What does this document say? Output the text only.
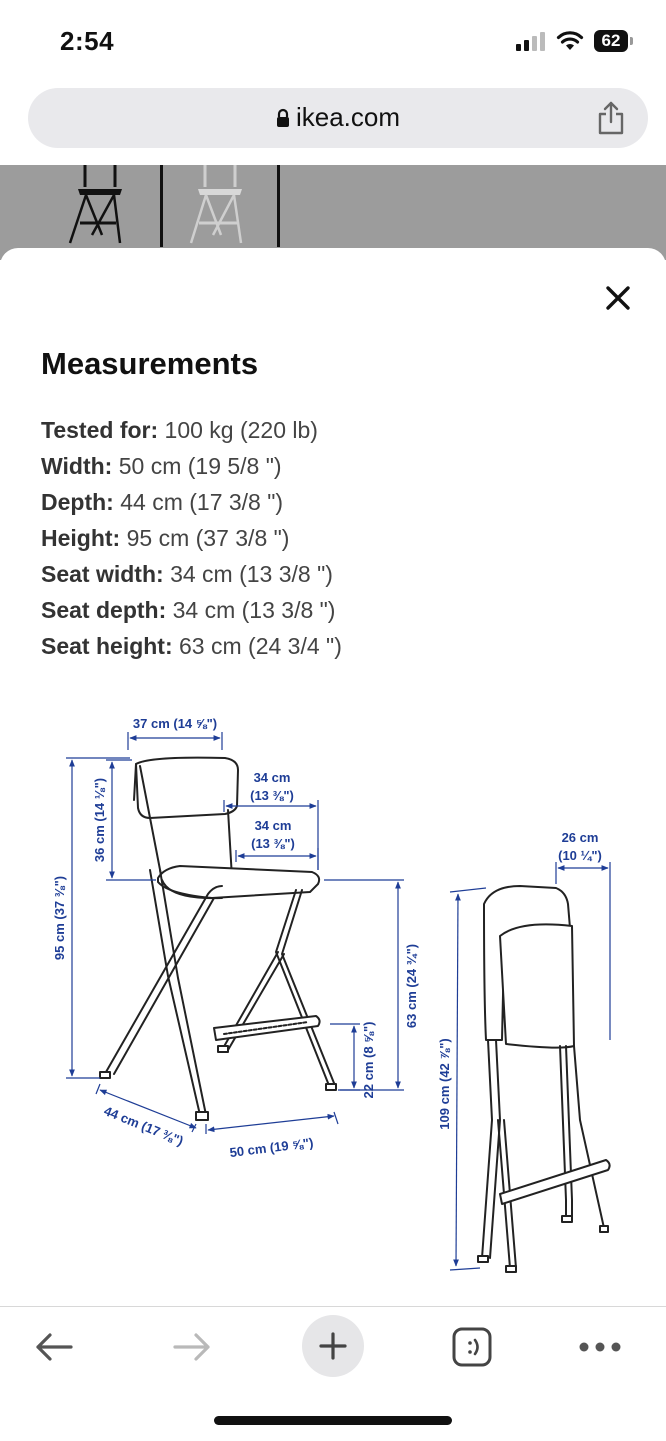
2:54	62
ikea.com
Measurements
Tested for: 100 kg (220 lb)
Width: 50 cm (19 5/8 ")
Depth: 44 cm (17 3/8 ")
Height: 95 cm (37 3/8 ")
Seat width: 34 cm (13 3/8 ")
Seat depth: 34 cm (13 3/8 ")
Seat height: 63 cm (24 3/4 ")
37 cm (14 ⅝")
95 cm (37 ⅜")
36 cm (14 ⅛")
34 cm
(13 ⅜")
34 cm
(13 ⅜")
63 cm (24 ¾")
22 cm (8 ⅝")
44 cm (17 ⅜")	50 cm (19 ⅝")
26 cm
(10 ¼")
109 cm (42 ⅞")
